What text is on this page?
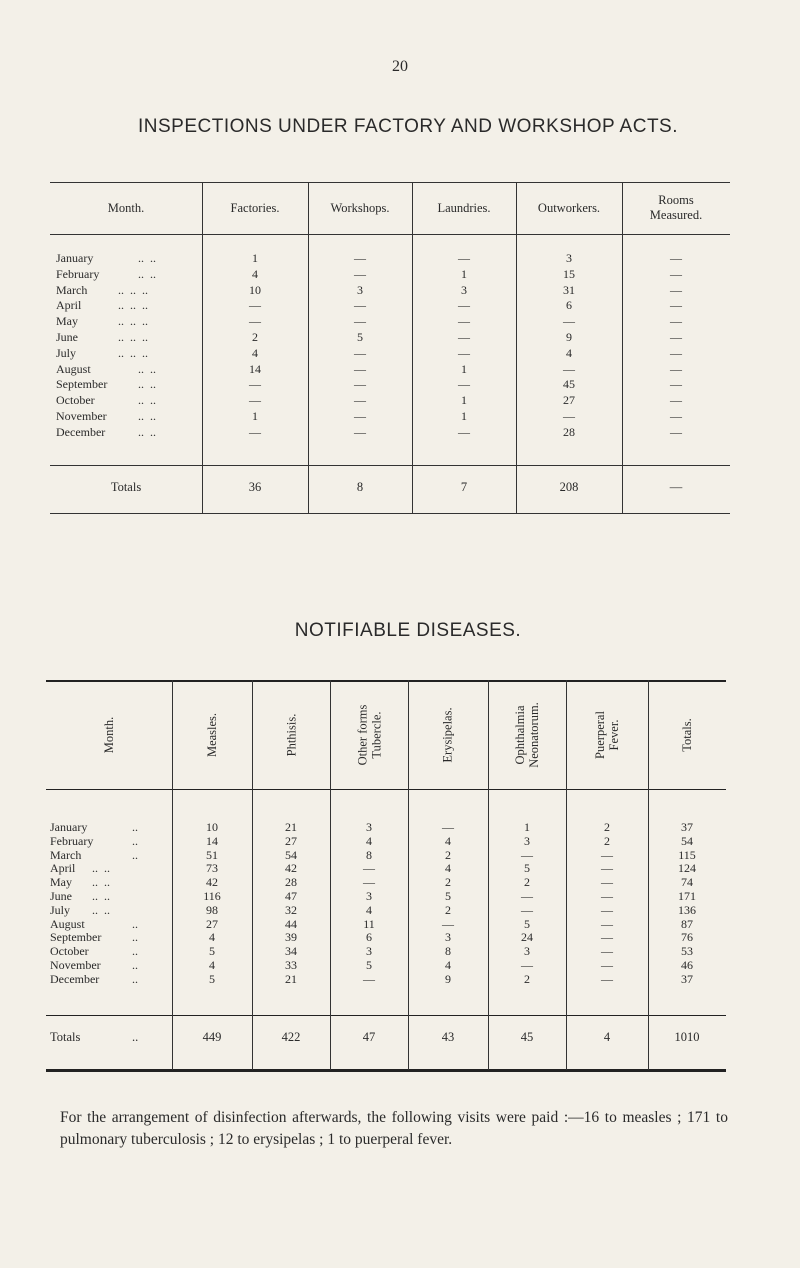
20
INSPECTIONS UNDER FACTORY AND WORKSHOP ACTS.
Month.	Factories.	Workshops.	Laundries.	Outworkers.
Rooms
Measured.
January	..  ..	1	—	—	3	—
February	..  ..	4	—	1	15	—
March	..  ..  ..	10	3	3	31	—
April	..  ..  ..	—	—	—	6	—
May	..  ..  ..	—	—	—	—	—
June	..  ..  ..	2	5	—	9	—
July	..  ..  ..	4	—	—	4	—
August	..  ..	14	—	1	—	—
September	..  ..	—	—	—	45	—
October	..  ..	—	—	1	27	—
November	..  ..	1	—	1	—	—
December	..  ..	—	—	—	28	—
Totals	36	8	7	208	—
NOTIFIABLE DISEASES.
Month.	Measles.	Phthisis.	Other forms
Tubercle.	Erysipelas.	Ophthalmia
Neonatorum.	Puerperal
Fever.	Totals.
January	..	10	21	3	—	1	2	37
February	..	14	27	4	4	3	2	54
March	..	51	54	8	2	—	—	115
April ..  ..	73	42	—	4	5	—	124
May ..  ..	42	28	—	2	2	—	74
June ..  ..	116	47	3	5	—	—	171
July ..  ..	98	32	4	2	—	—	136
August	..	27	44	11	—	5	—	87
September	..	4	39	6	3	24	—	76
October	..	5	34	3	8	3	—	53
November	..	4	33	5	4	—	—	46
December	..	5	21	—	9	2	—	37
Totals	..	449	422	47	43	45	4	1010
For the arrangement of disinfection afterwards, the following visits were paid :—16 to measles ; 171 to pulmonary tuberculosis ; 12 to erysipelas ; 1 to puerperal fever.
